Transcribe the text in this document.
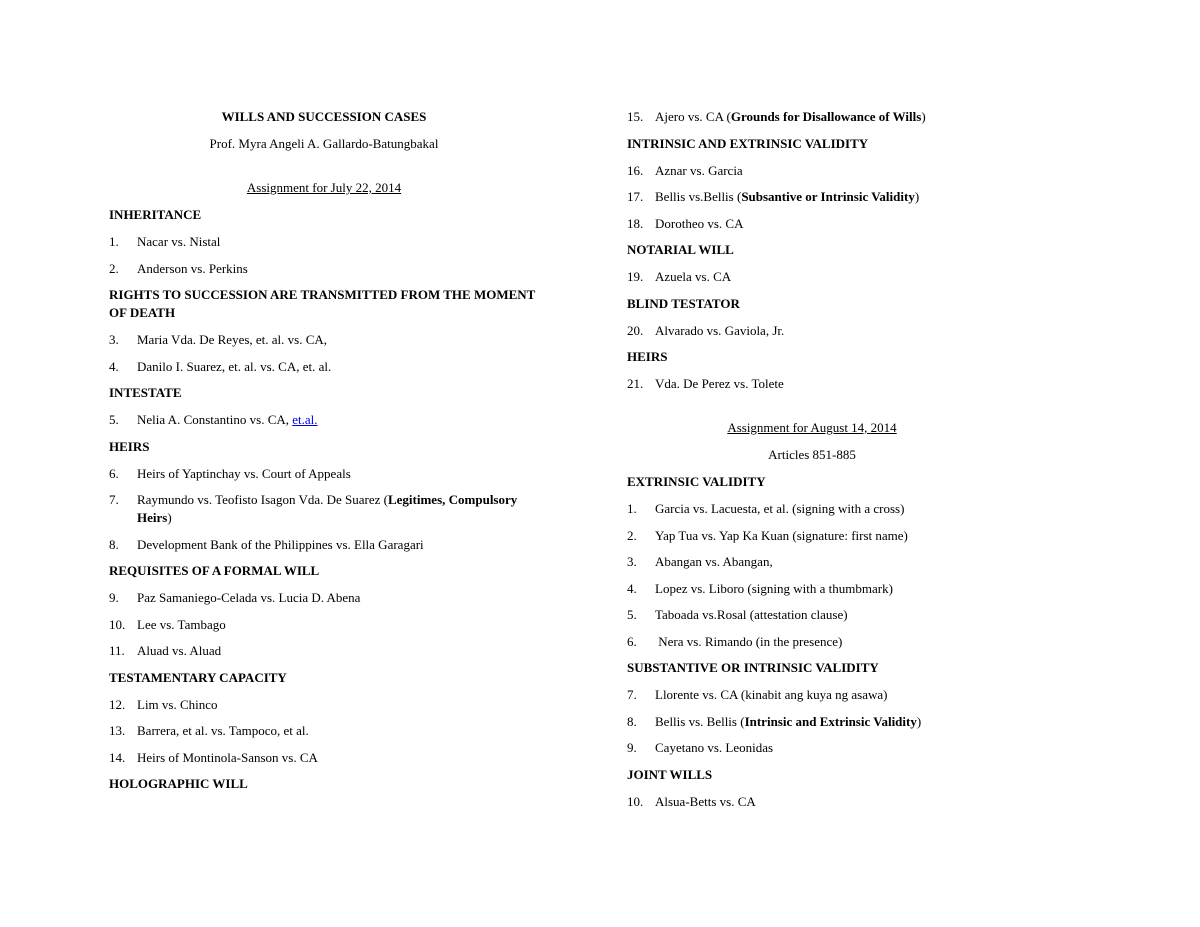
WILLS AND SUCCESSION CASES

Prof. Myra Angeli A. Gallardo-Batungbakal

Assignment for July 22, 2014

INHERITANCE

1.	Nacar vs. Nistal
2.	Anderson vs. Perkins

RIGHTS TO SUCCESSION ARE TRANSMITTED FROM THE MOMENT OF DEATH

3.	Maria Vda. De Reyes, et. al. vs. CA,
4.	Danilo I. Suarez, et. al. vs. CA, et. al.

INTESTATE

5.	Nelia A. Constantino vs. CA, et.al.

HEIRS

6.	Heirs of Yaptinchay vs. Court of Appeals
7.	Raymundo vs. Teofisto Isagon Vda. De Suarez (Legitimes, Compulsory Heirs)
8.	Development Bank of the Philippines vs. Ella Garagari

REQUISITES OF A FORMAL WILL

9.	Paz Samaniego-Celada vs. Lucia D. Abena
10. Lee vs. Tambago
11. Aluad vs. Aluad

TESTAMENTARY CAPACITY

12. Lim vs. Chinco
13. Barrera, et al. vs. Tampoco, et al.
14. Heirs of Montinola-Sanson vs. CA

HOLOGRAPHIC WILL

15. Ajero vs. CA (Grounds for Disallowance of Wills)

INTRINSIC AND EXTRINSIC VALIDITY

16. Aznar vs. Garcia
17. Bellis vs.Bellis (Subsantive or Intrinsic Validity)
18. Dorotheo vs. CA

NOTARIAL WILL

19. Azuela vs. CA

BLIND TESTATOR

20. Alvarado vs. Gaviola, Jr.

HEIRS

21. Vda. De Perez vs. Tolete

Assignment for August 14, 2014

Articles 851-885

EXTRINSIC VALIDITY

1.	Garcia vs. Lacuesta, et al. (signing with a cross)
2.	Yap Tua vs. Yap Ka Kuan (signature: first name)
3.	Abangan vs. Abangan,
4.	Lopez vs. Liboro (signing with a thumbmark)
5.	Taboada vs.Rosal (attestation clause)
6.	Nera vs. Rimando (in the presence)

SUBSTANTIVE OR INTRINSIC VALIDITY

7.	Llorente vs. CA (kinabit ang kuya ng asawa)
8.	Bellis vs. Bellis (Intrinsic and Extrinsic Validity)
9.	Cayetano vs. Leonidas

JOINT WILLS

10. Alsua-Betts vs. CA
